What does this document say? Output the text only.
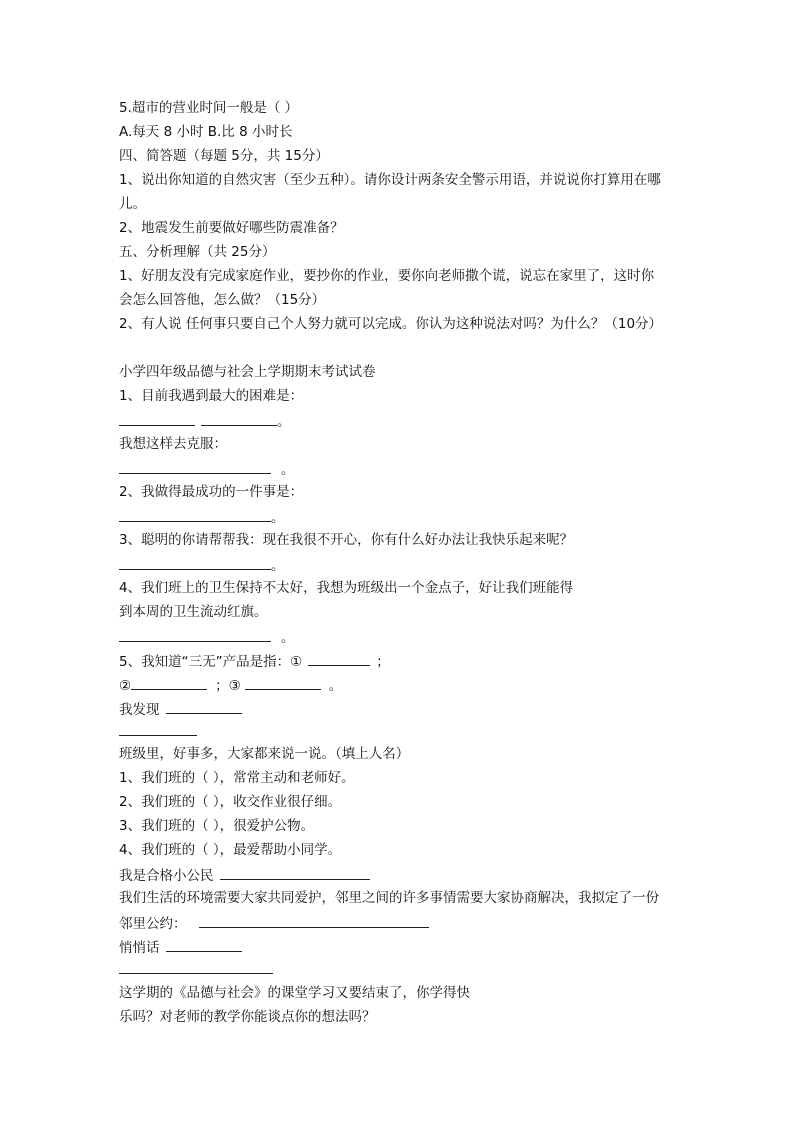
5.超市的营业时间一般是（ ）
A.每天 8 小时 B.比 8 小时长
四、简答题（每题 5分，共 15分）
1、说出你知道的自然灾害（至少五种）。请你设计两条安全警示用语，并说说你打算用在哪
儿。
2、地震发生前要做好哪些防震准备？
五、分析理解（共 25分）
1、好朋友没有完成家庭作业，要抄你的作业，要你向老师撒个谎，说忘在家里了，这时你
会怎么回答他，怎么做？（15分）
2、有人说 任何事只要自己个人努力就可以完成。你认为这种说法对吗？为什么？（10分）
小学四年级品德与社会上学期期末考试试卷
1、目前我遇到最大的困难是：
。
我想这样去克服：
。
2、我做得最成功的一件事是：
。
3、聪明的你请帮帮我：现在我很不开心，你有什么好办法让我快乐起来呢？
。
4、我们班上的卫生保持不太好，我想为班级出一个金点子，好让我们班能得
到本周的卫生流动红旗。
。
5、我知道“三无”产品是指：①	；
②	；③	。
我发现
班级里，好事多，大家都来说一说。（填上人名）
1、我们班的（ ），常常主动和老师好。
2、我们班的（ ），收交作业很仔细。
3、我们班的（ ），很爱护公物。
4、我们班的（ ），最爱帮助小同学。
我是合格小公民
我们生活的环境需要大家共同爱护，邻里之间的许多事情需要大家协商解决，我拟定了一份
邻里公约：
悄悄话
这学期的《品德与社会》的课堂学习又要结束了，你学得快
乐吗？对老师的教学你能谈点你的想法吗？
